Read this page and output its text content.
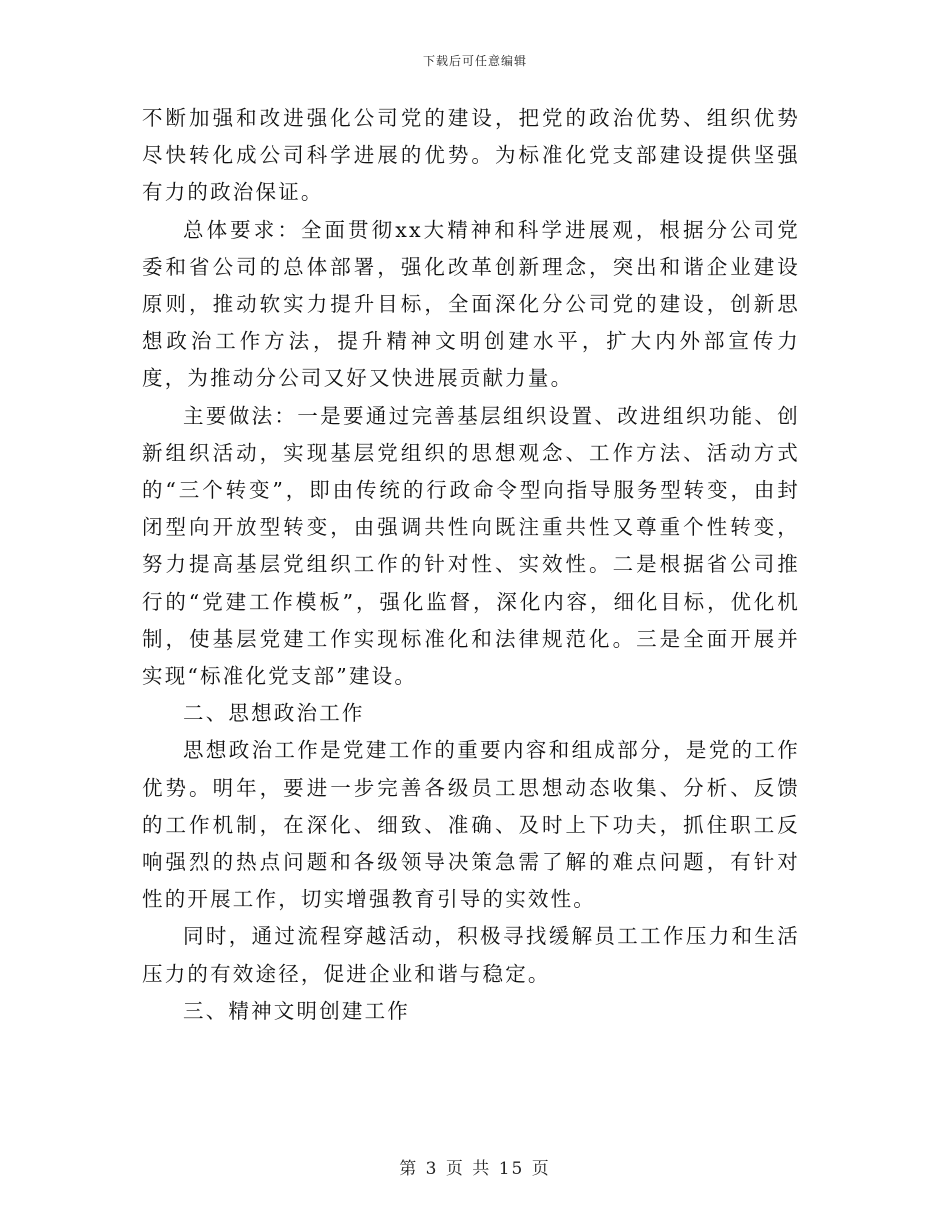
下载后可任意编辑

不断加强和改进强化公司党的建设，把党的政治优势、组织优势尽快转化成公司科学进展的优势。为标准化党支部建设提供坚强有力的政治保证。

总体要求：全面贯彻xx大精神和科学进展观，根据分公司党委和省公司的总体部署，强化改革创新理念，突出和谐企业建设原则，推动软实力提升目标，全面深化分公司党的建设，创新思想政治工作方法，提升精神文明创建水平，扩大内外部宣传力度，为推动分公司又好又快进展贡献力量。

主要做法：一是要通过完善基层组织设置、改进组织功能、创新组织活动，实现基层党组织的思想观念、工作方法、活动方式的“三个转变”，即由传统的行政命令型向指导服务型转变，由封闭型向开放型转变，由强调共性向既注重共性又尊重个性转变，努力提高基层党组织工作的针对性、实效性。二是根据省公司推行的“党建工作模板”，强化监督，深化内容，细化目标，优化机制，使基层党建工作实现标准化和法律规范化。三是全面开展并实现“标准化党支部”建设。

二、思想政治工作

思想政治工作是党建工作的重要内容和组成部分，是党的工作优势。明年，要进一步完善各级员工思想动态收集、分析、反馈的工作机制，在深化、细致、准确、及时上下功夫，抓住职工反响强烈的热点问题和各级领导决策急需了解的难点问题，有针对性的开展工作，切实增强教育引导的实效性。

同时，通过流程穿越活动，积极寻找缓解员工工作压力和生活压力的有效途径，促进企业和谐与稳定。

三、精神文明创建工作

第 3 页 共 15 页
